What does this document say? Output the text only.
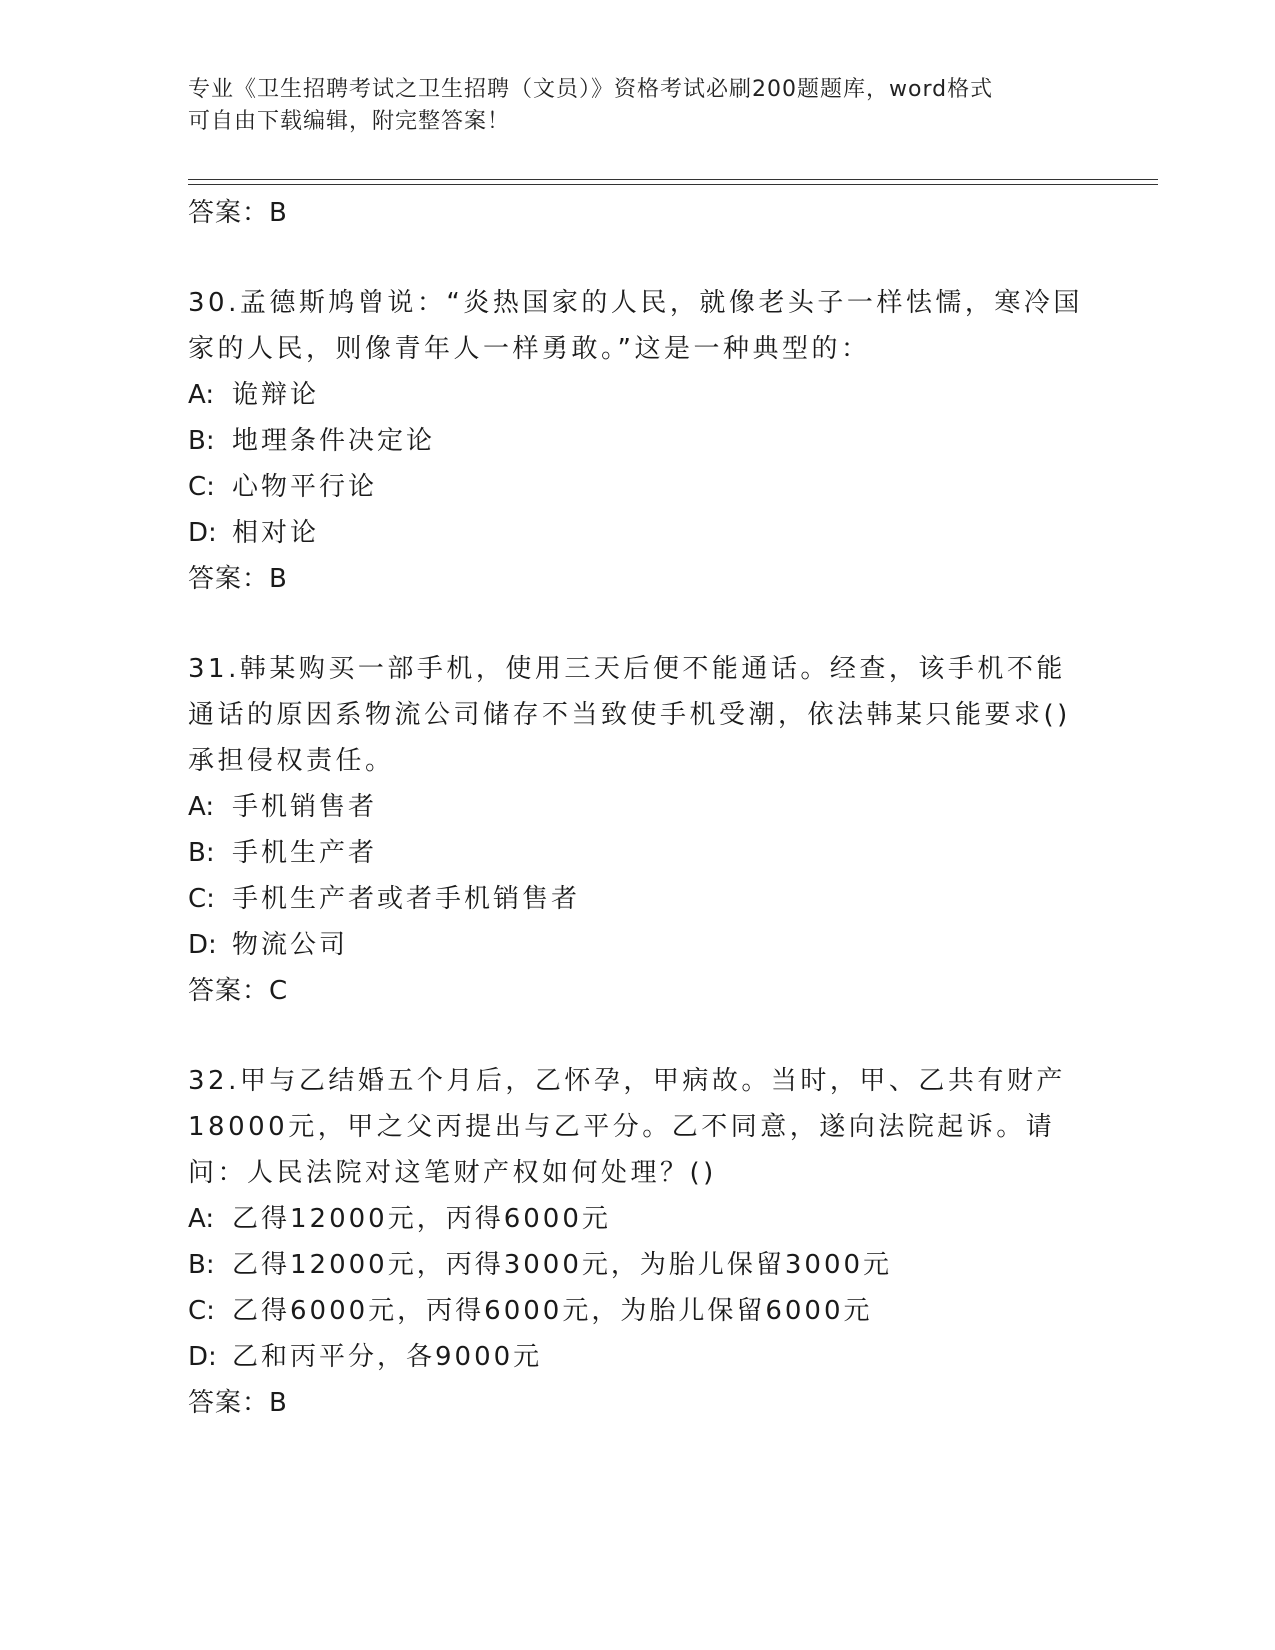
专业《卫生招聘考试之卫生招聘（文员）》资格考试必刷200题题库，word格式
可自由下载编辑，附完整答案！
答案：B
30.孟德斯鸠曾说：“炎热国家的人民，就像老头子一样怯懦，寒冷国家的人民，则像青年人一样勇敢。”这是一种典型的：
A: 诡辩论
B: 地理条件决定论
C: 心物平行论
D: 相对论
答案：B
31.韩某购买一部手机，使用三天后便不能通话。经查，该手机不能通话的原因系物流公司储存不当致使手机受潮，依法韩某只能要求()承担侵权责任。
A: 手机销售者
B: 手机生产者
C: 手机生产者或者手机销售者
D: 物流公司
答案：C
32.甲与乙结婚五个月后，乙怀孕，甲病故。当时，甲、乙共有财产18000元，甲之父丙提出与乙平分。乙不同意，遂向法院起诉。请问：人民法院对这笔财产权如何处理？()
A: 乙得12000元，丙得6000元
B: 乙得12000元，丙得3000元，为胎儿保留3000元
C: 乙得6000元，丙得6000元，为胎儿保留6000元
D: 乙和丙平分，各9000元
答案：B
